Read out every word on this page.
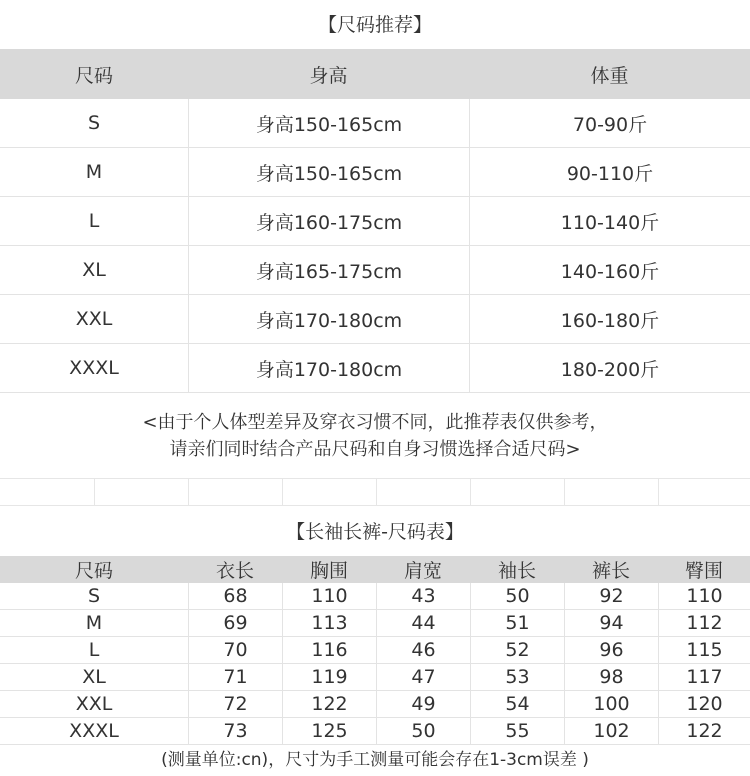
【尺码推荐】
尺码	身高	体重
S	身高150-165cm	70-90斤
M	身高150-165cm	90-110斤
L	身高160-175cm	110-140斤
XL	身高165-175cm	140-160斤
XXL	身高170-180cm	160-180斤
XXXL	身高170-180cm	180-200斤
<由于个人体型差异及穿衣习惯不同，此推荐表仅供参考，
请亲们同时结合产品尺码和自身习惯选择合适尺码>
【长袖长裤-尺码表】
尺码	衣长	胸围	肩宽	袖长	裤长	臀围
S	68	110	43	50	92	110
M	69	113	44	51	94	112
L	70	116	46	52	96	115
XL	71	119	47	53	98	117
XXL	72	122	49	54	100	120
XXXL	73	125	50	55	102	122
(测量单位:cn)，尺寸为手工测量可能会存在1-3cm误差 )
